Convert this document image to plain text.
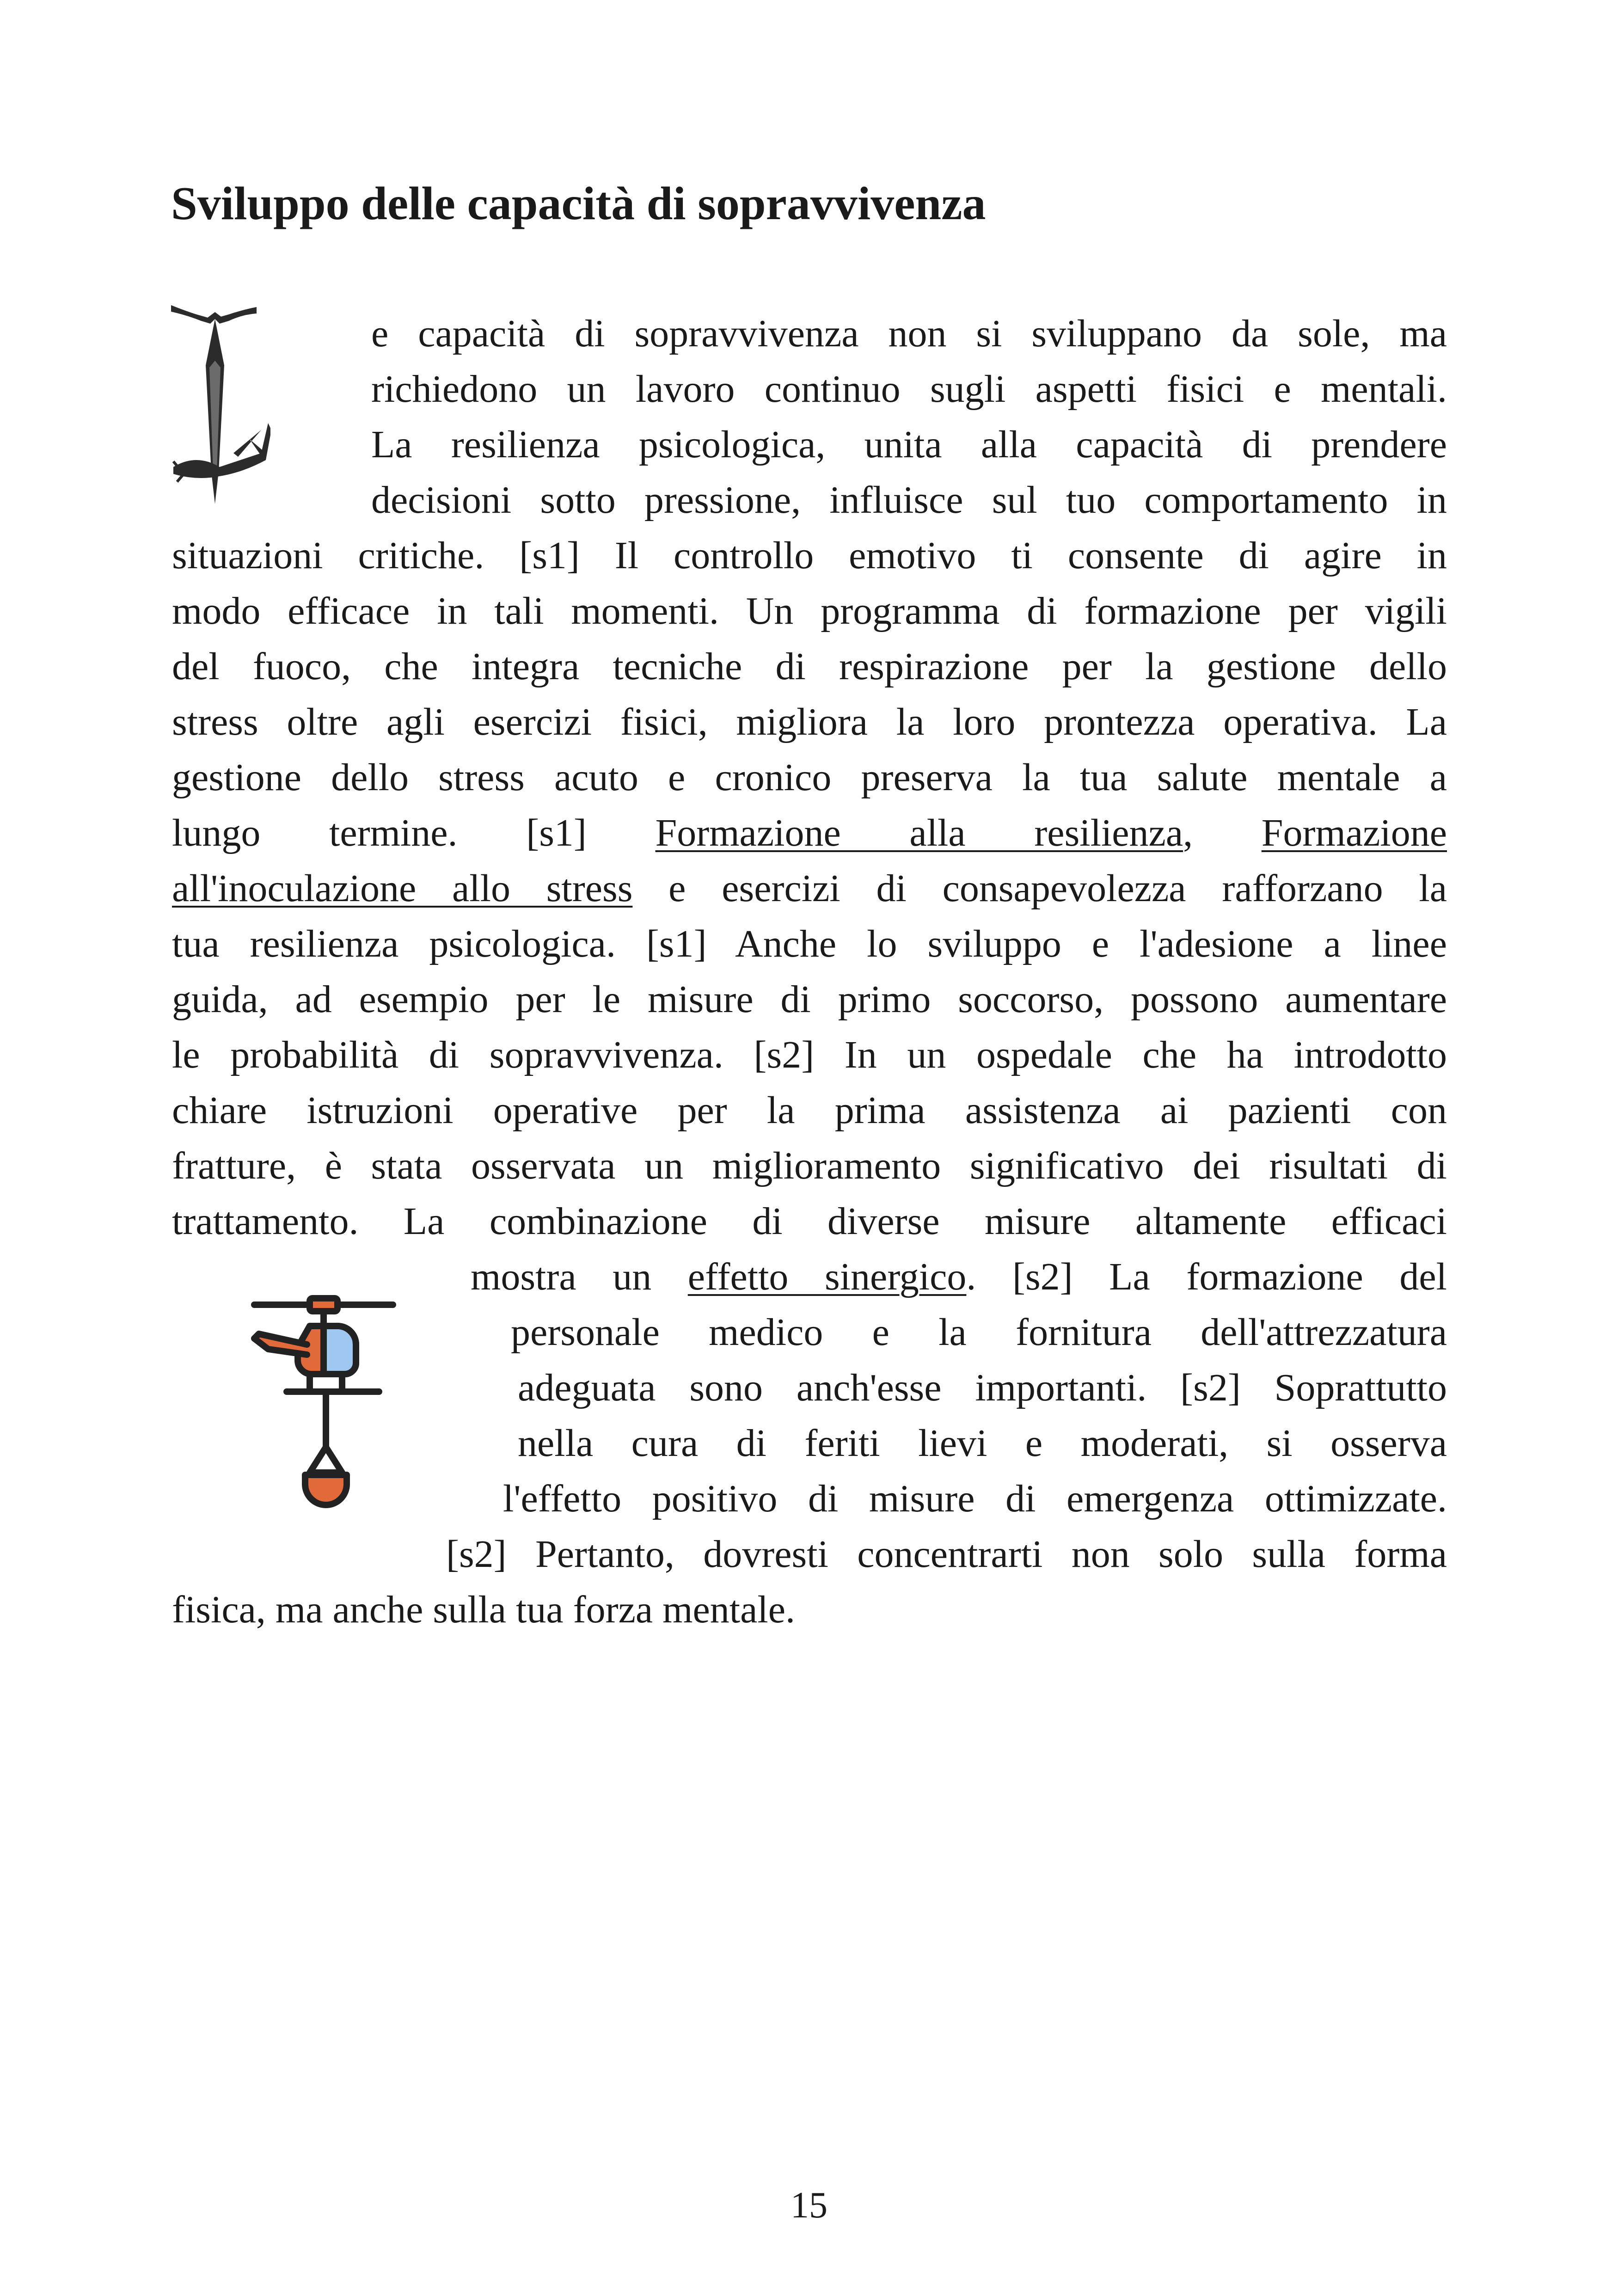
Sviluppo delle capacità di sopravvivenza
e capacità di sopravvivenza non si sviluppano da sole, ma
richiedono un lavoro continuo sugli aspetti fisici e mentali.
La resilienza psicologica, unita alla capacità di prendere
decisioni sotto pressione, influisce sul tuo comportamento in
situazioni critiche. [s1] Il controllo emotivo ti consente di agire in
modo efficace in tali momenti. Un programma di formazione per vigili
del fuoco, che integra tecniche di respirazione per la gestione dello
stress oltre agli esercizi fisici, migliora la loro prontezza operativa. La
gestione dello stress acuto e cronico preserva la tua salute mentale a
lungo termine. [s1] Formazione alla resilienza, Formazione
all'inoculazione allo stress e esercizi di consapevolezza rafforzano la
tua resilienza psicologica. [s1] Anche lo sviluppo e l'adesione a linee
guida, ad esempio per le misure di primo soccorso, possono aumentare
le probabilità di sopravvivenza. [s2] In un ospedale che ha introdotto
chiare istruzioni operative per la prima assistenza ai pazienti con
fratture, è stata osservata un miglioramento significativo dei risultati di
trattamento. La combinazione di diverse misure altamente efficaci
mostra un effetto sinergico. [s2] La formazione del
personale medico e la fornitura dell'attrezzatura
adeguata sono anch'esse importanti. [s2] Soprattutto
nella cura di feriti lievi e moderati, si osserva
l'effetto positivo di misure di emergenza ottimizzate.
[s2] Pertanto, dovresti concentrarti non solo sulla forma
fisica, ma anche sulla tua forza mentale.
15
